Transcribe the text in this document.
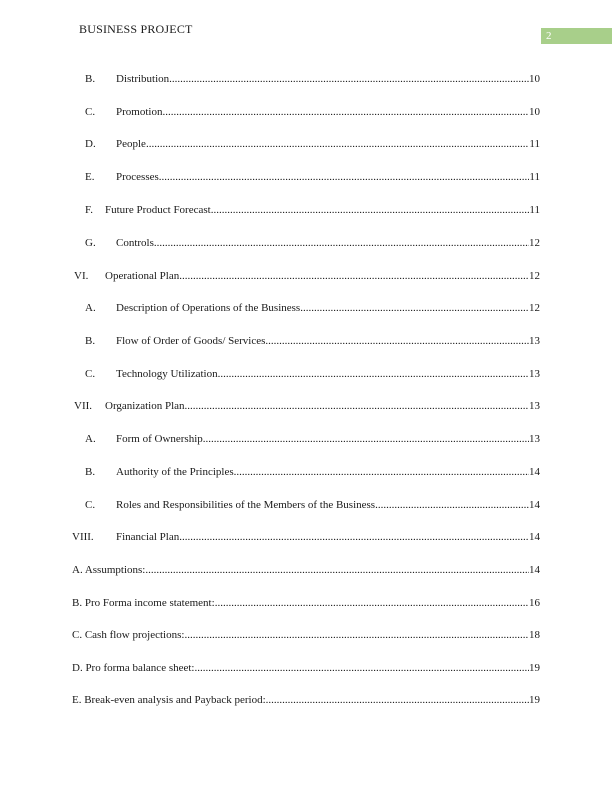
BUSINESS PROJECT	2
B.	Distribution .....	10
C.	Promotion .....	10
D.	People .....	11
E.	Processes .....	11
F.	Future Product Forecast .....	11
G.	Controls .....	12
VI.	Operational Plan .....	12
A.	Description of Operations of the Business .....	12
B.	Flow of Order of Goods/ Services .....	13
C.	Technology Utilization .....	13
VII.	Organization Plan .....	13
A.	Form of Ownership .....	13
B.	Authority of the Principles .....	14
C.	Roles and Responsibilities of the Members of the Business .....	14
VIII.	Financial Plan .....	14
A. Assumptions: .....	14
B. Pro Forma income statement: .....	16
C. Cash flow projections: .....	18
D. Pro forma balance sheet: .....	19
E. Break-even analysis and Payback period: .....	19
